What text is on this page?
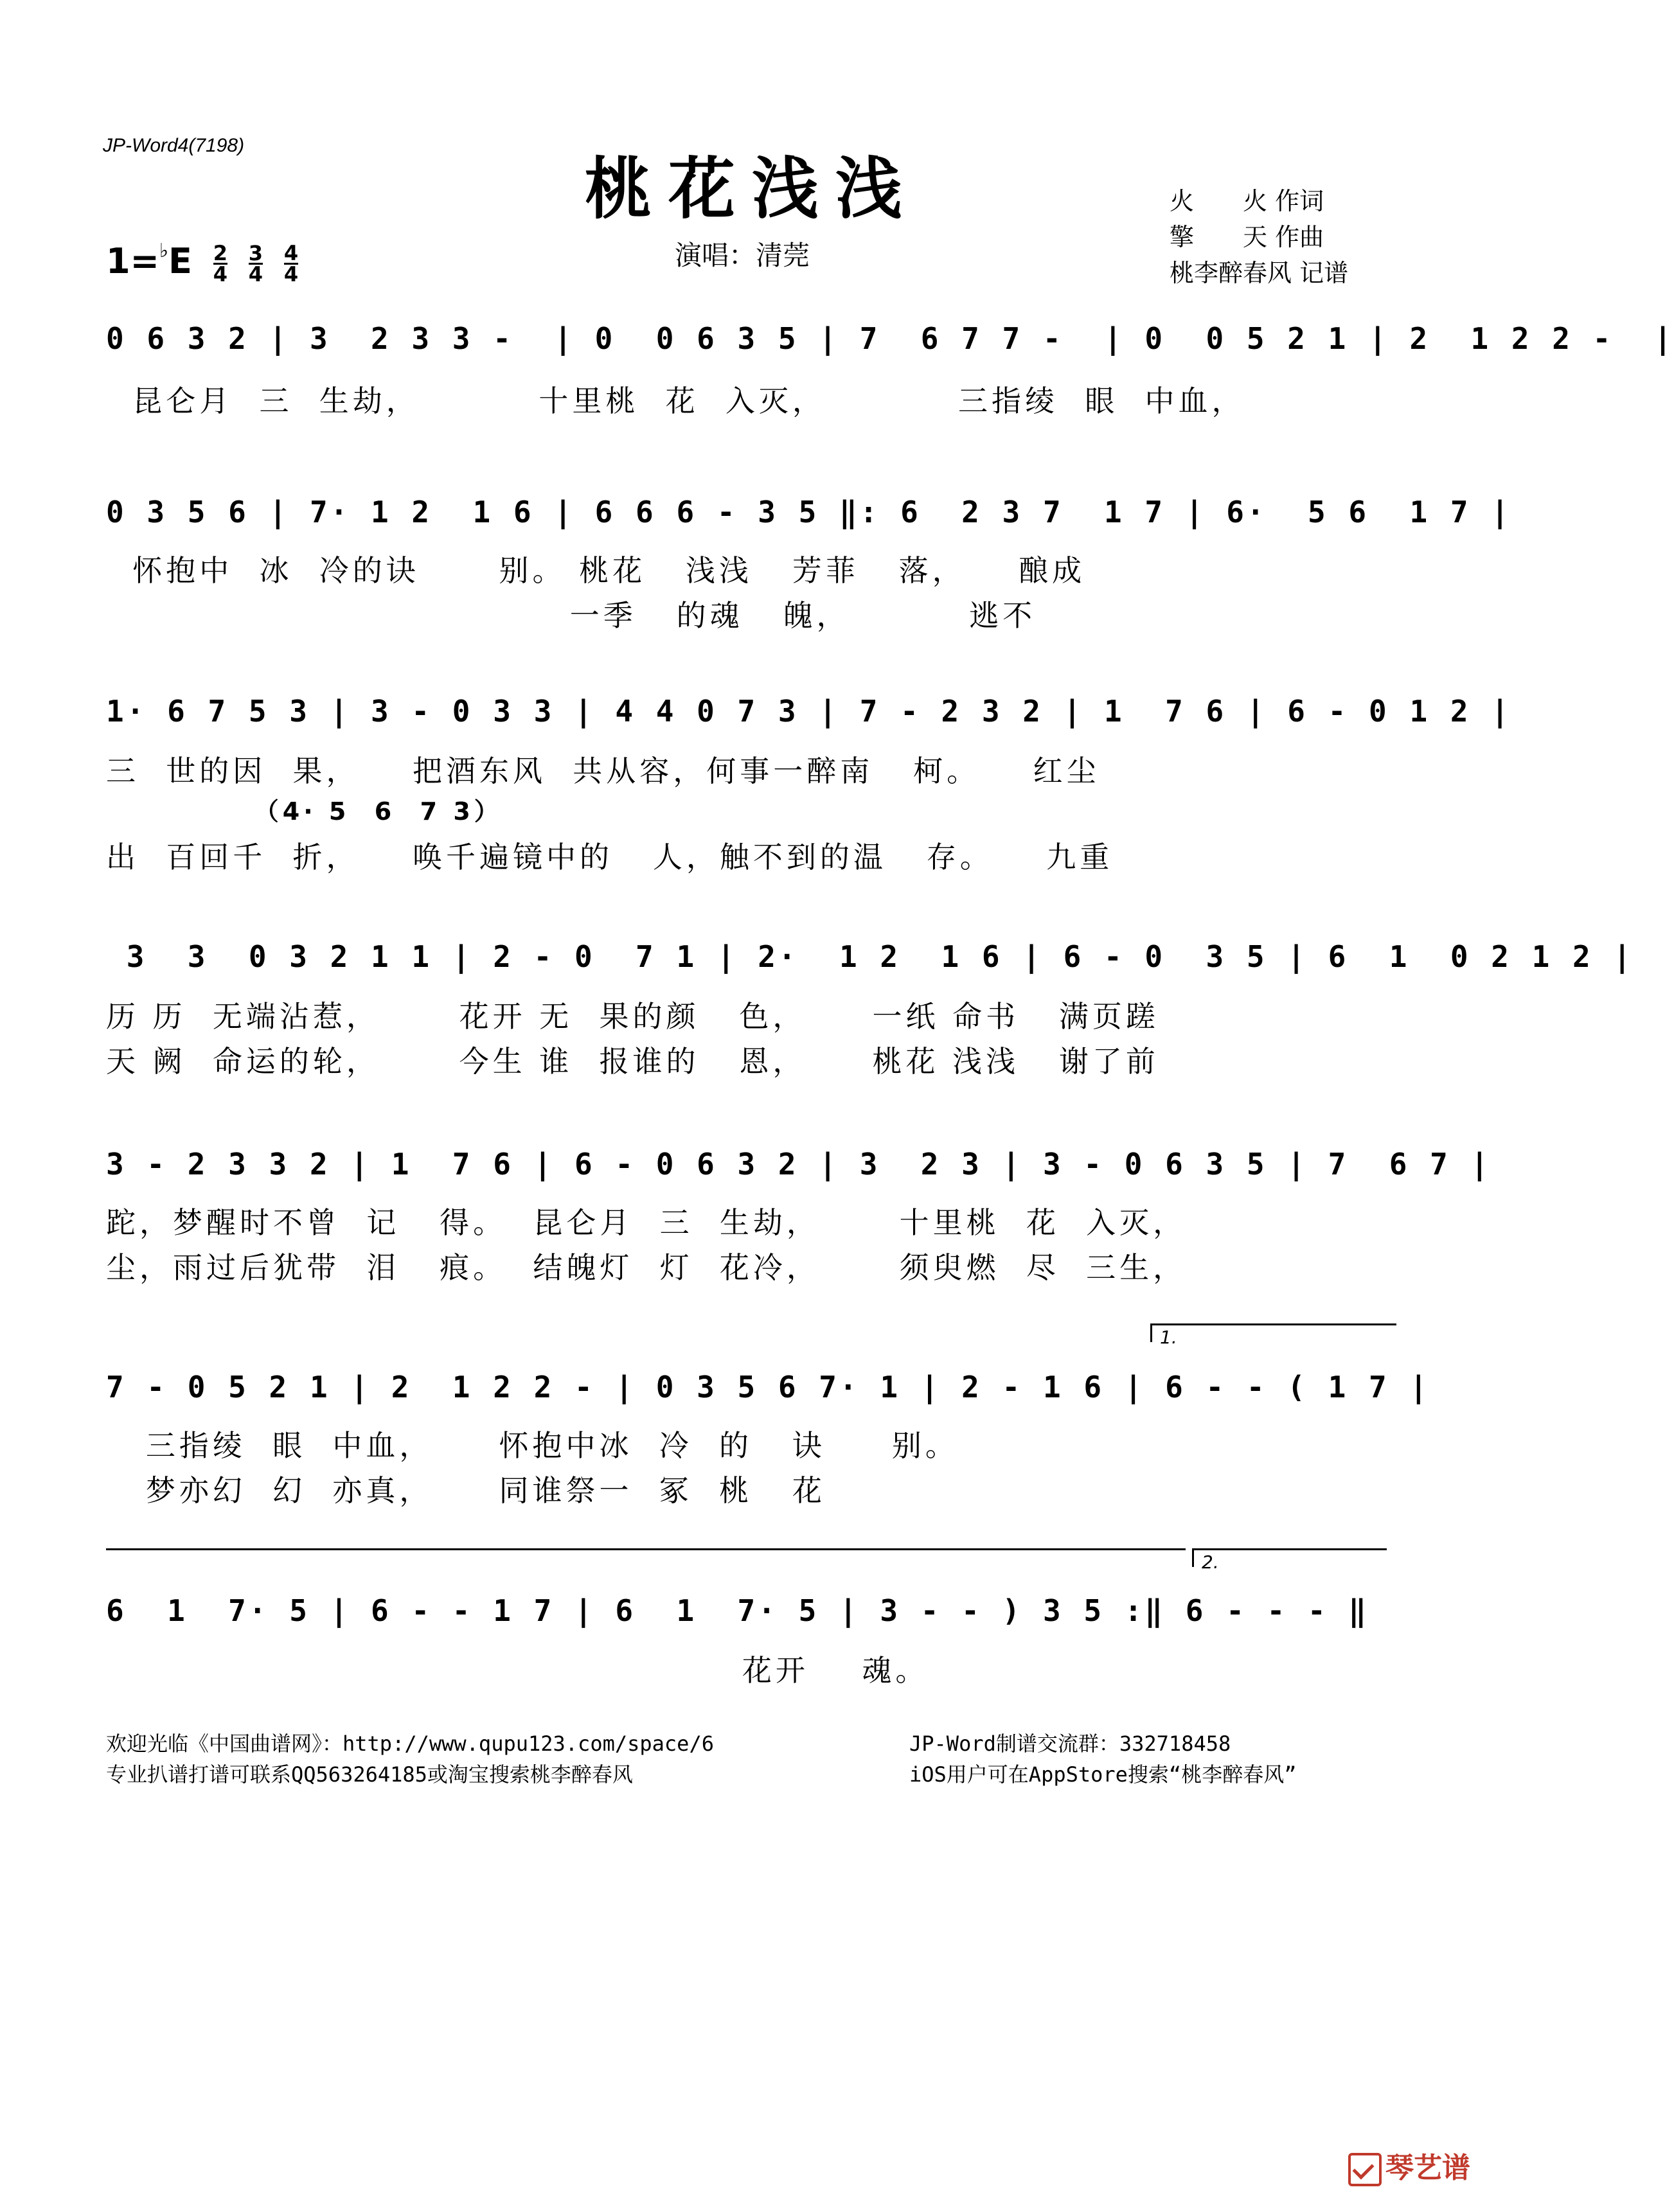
JP-Word4(7198)
桃花浅浅
演唱：清莞
火　　火 作词
擎　　天 作曲
桃李醉春风 记谱
$1=^♭E \frac{2}{4}$
$\frac{3}{4}$
$\frac{4}{4}$
0 6 3 2 | 3  2 3 3 -  | 0  0 6 3 5 | 7  6 7 7 -  | 0  0 5 2 1 | 2  1 2 2 -  |
昆仑月  三  生劫，         十里桃  花  入灭，          三指绫  眼  中血，
0 3 5 6 | 7· 1 2  1 6 | 6 6 6 - 3 5 ‖: 6  2 3 7  1 7 | 6·  5 6  1 7 |
怀抱中  冰  冷的诀      别。 桃花   浅浅   芳菲   落，    酿成
一季   的魂   魄，         逃不
1· 6 7 5 3 | 3 - 0 3 3 | 4 4 0 7 3 | 7 - 2 3 2 | 1  7 6 | 6 - 0 1 2 |
三  世的因  果，    把酒东风  共从容，何事一醉南   柯。    红尘
（4· 5  6  7 3）
出  百回千  折，    唤千遍镜中的   人，触不到的温   存。    九重
3  3  0 3 2 1 1 | 2 - 0  7 1 | 2·  1 2  1 6 | 6 - 0  3 5 | 6  1  0 2 1 2 |
历 历  无端沾惹，      花开 无  果的颜   色，     一纸 命书   满页蹉
天 阙  命运的轮，      今生 谁  报谁的   恩，     桃花 浅浅   谢了前
3 - 2 3 3 2 | 1  7 6 | 6 - 0 6 3 2 | 3  2 3 | 3 - 0 6 3 5 | 7  6 7 |
跎，梦醒时不曾  记   得。  昆仑月  三  生劫，      十里桃  花  入灭，
尘，雨过后犹带  泪   痕。  结魄灯  灯  花冷，      须臾燃  尽  三生，
1.
7 - 0 5 2 1 | 2  1 2 2 - | 0 3 5 6 7· 1 | 2 - 1 6 | 6 - - ( 1 7 |
三指绫  眼  中血，     怀抱中冰  冷  的   诀     别。
梦亦幻  幻  亦真，     同谁祭一  冢  桃   花
2.
6  1  7· 5 | 6 - - 1 7 | 6  1  7· 5 | 3 - - ) 3 5 :‖ 6 - - - ‖
花开    魂。
欢迎光临《中国曲谱网》：http://www.qupu123.com/space/6
专业扒谱打谱可联系QQ563264185或淘宝搜索桃李醉春风
JP-Word制谱交流群：332718458
iOS用户可在AppStore搜索“桃李醉春风”
琴艺谱
